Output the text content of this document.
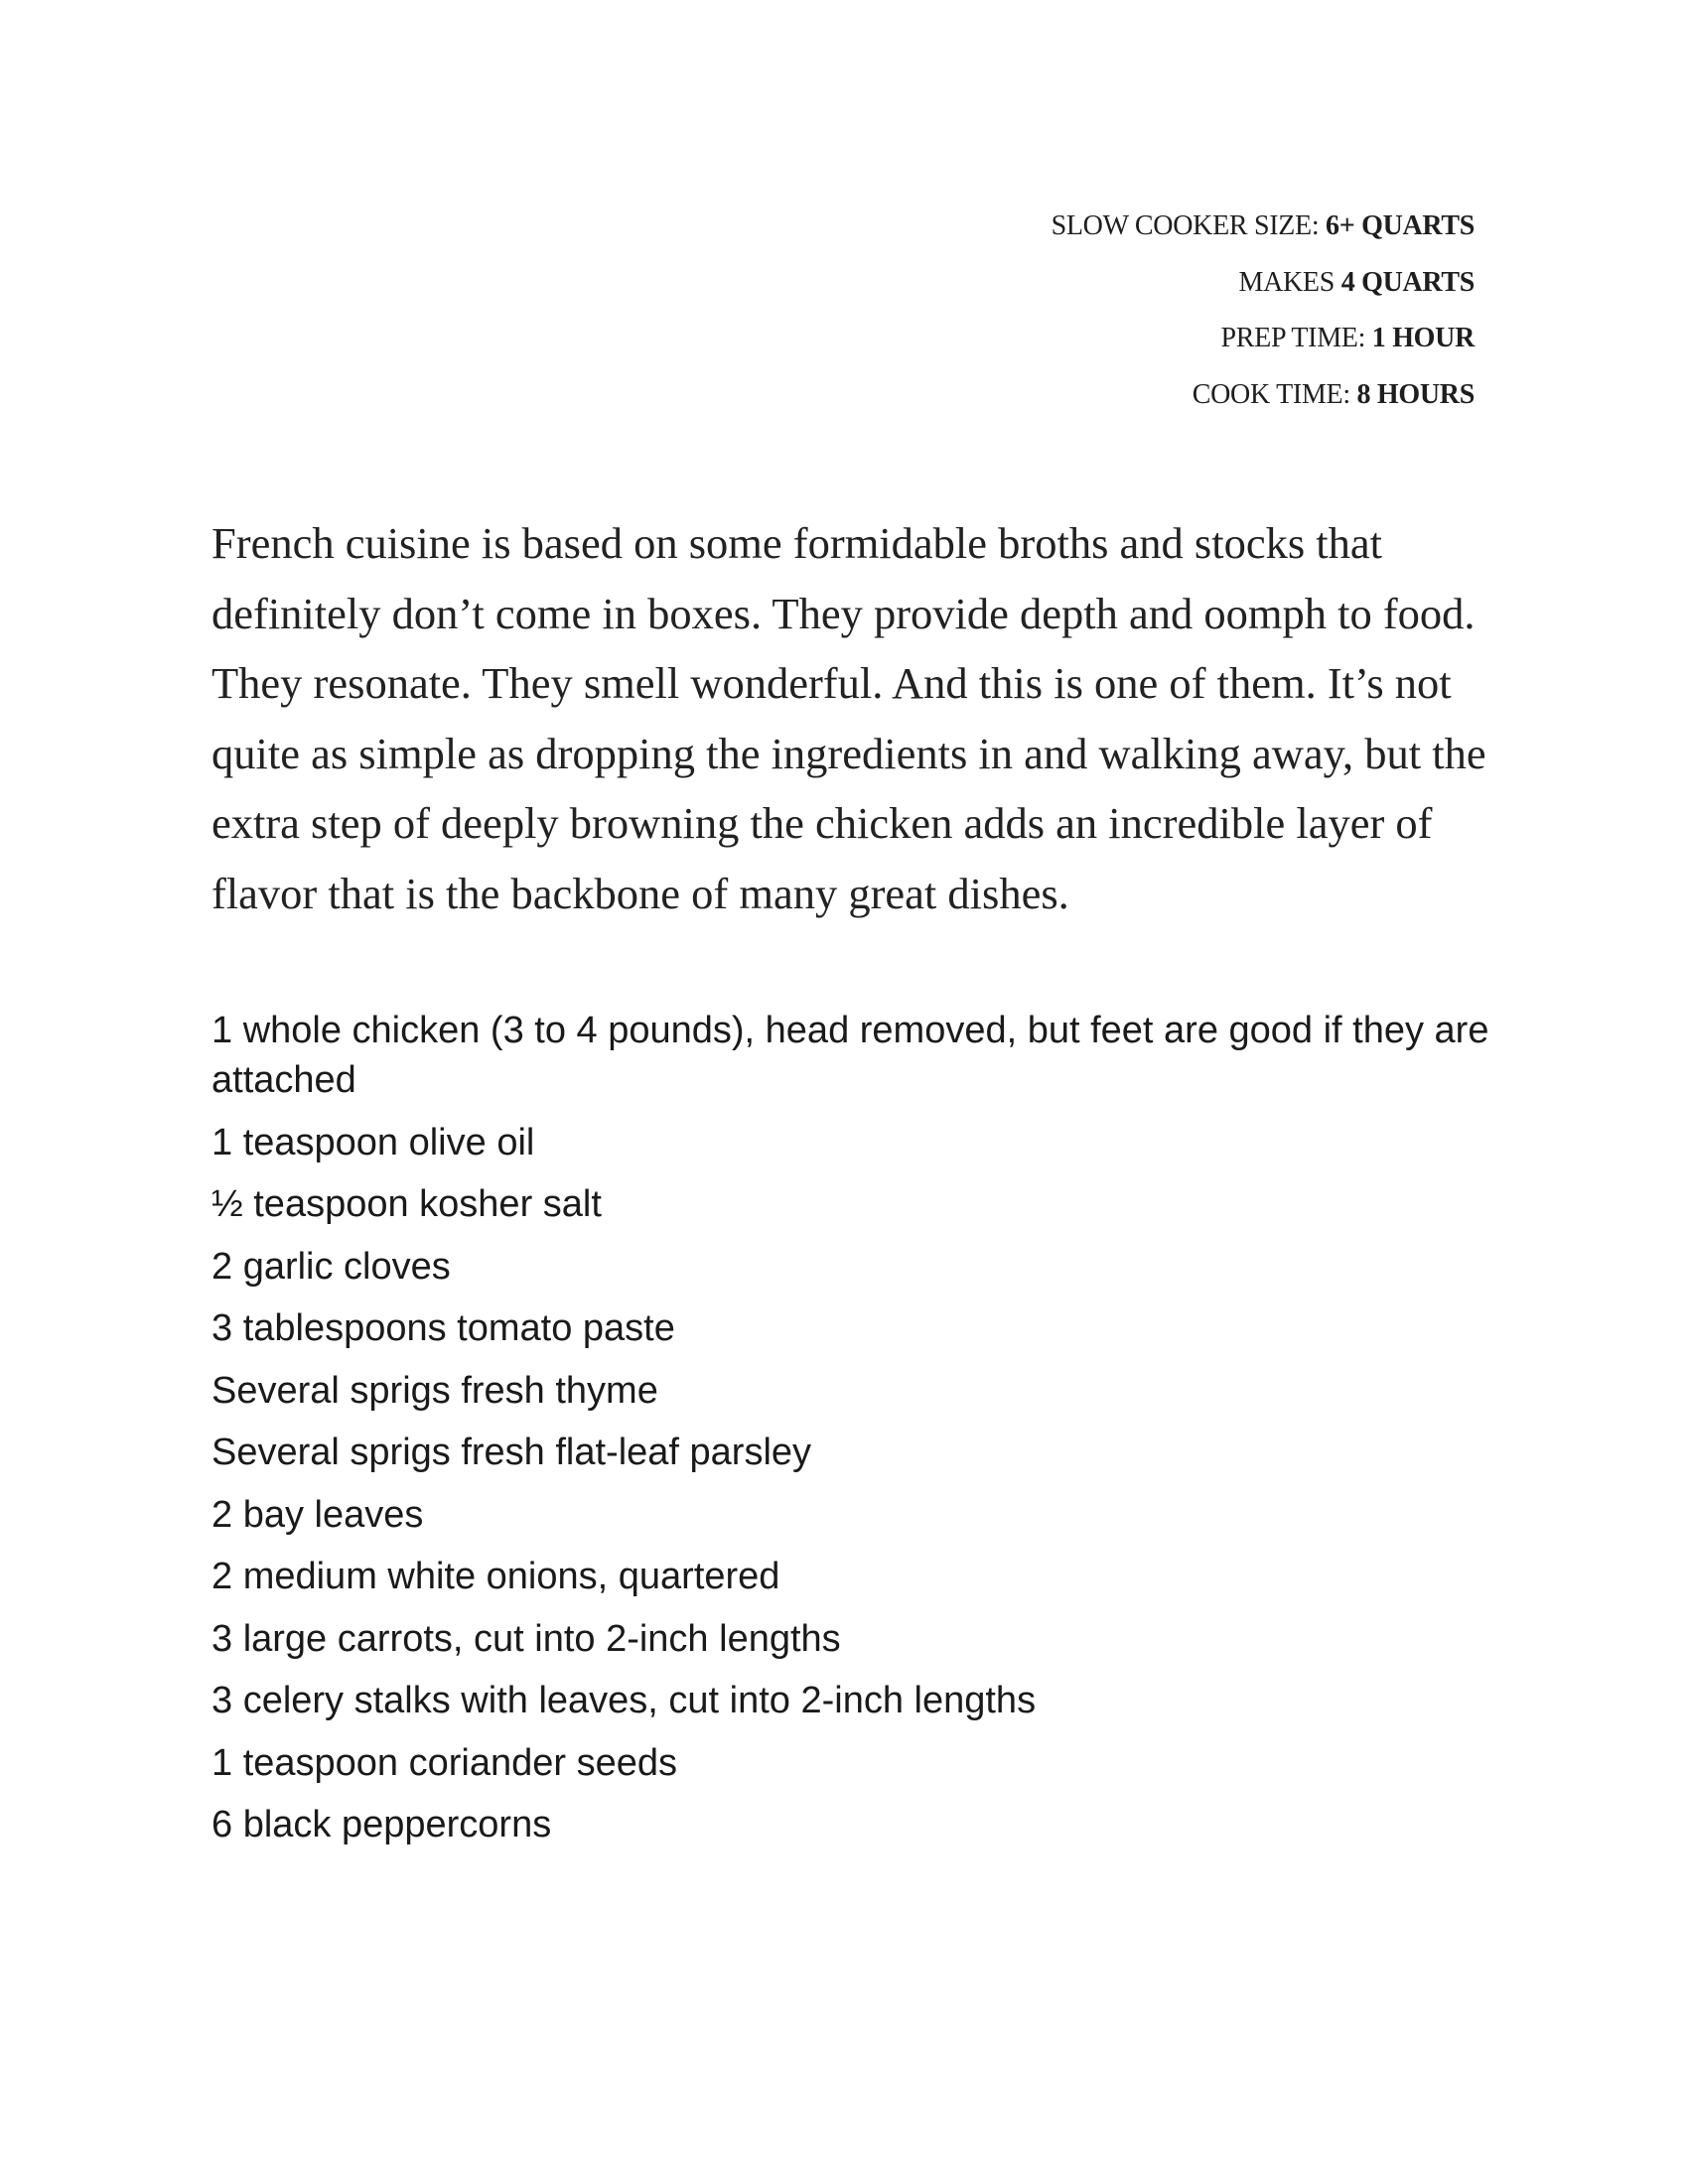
SLOW COOKER SIZE: 6+ QUARTS
MAKES 4 QUARTS
PREP TIME: 1 HOUR
COOK TIME: 8 HOURS

French cuisine is based on some formidable broths and stocks that definitely don’t come in boxes. They provide depth and oomph to food. They resonate. They smell wonderful. And this is one of them. It’s not quite as simple as dropping the ingredients in and walking away, but the extra step of deeply browning the chicken adds an incredible layer of flavor that is the backbone of many great dishes.

1 whole chicken (3 to 4 pounds), head removed, but feet are good if they are attached
1 teaspoon olive oil
½ teaspoon kosher salt
2 garlic cloves
3 tablespoons tomato paste
Several sprigs fresh thyme
Several sprigs fresh flat-leaf parsley
2 bay leaves
2 medium white onions, quartered
3 large carrots, cut into 2-inch lengths
3 celery stalks with leaves, cut into 2-inch lengths
1 teaspoon coriander seeds
6 black peppercorns
